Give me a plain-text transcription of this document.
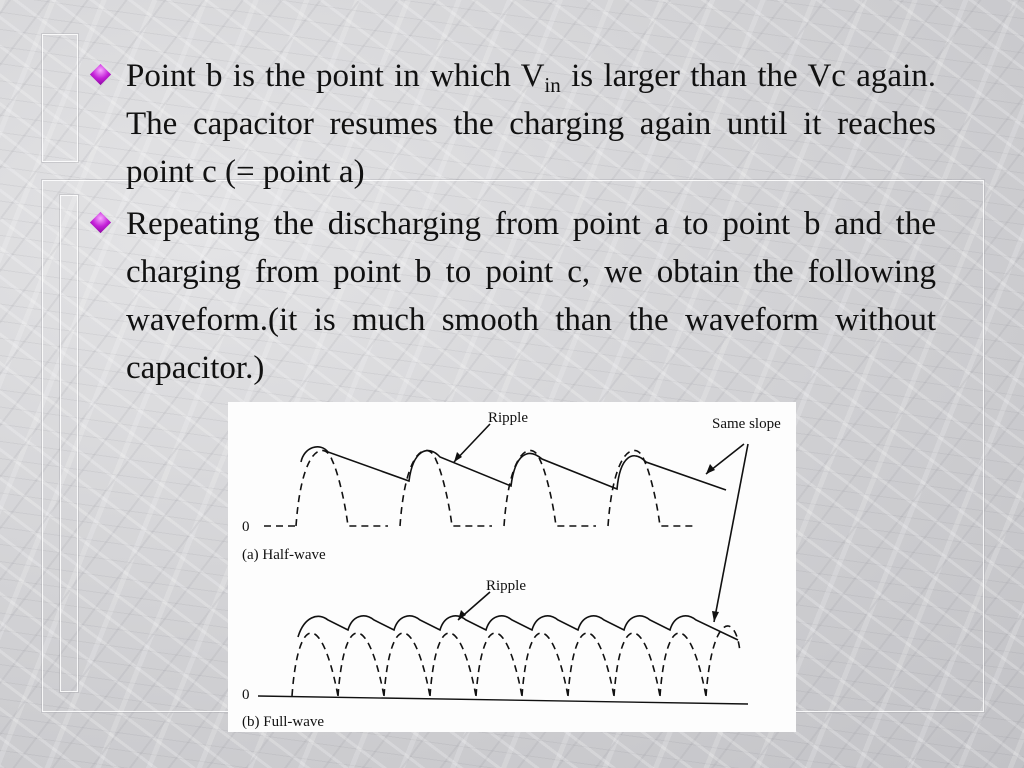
Point b is the point in which $V_{in}$ is larger than the Vc again. The capacitor resumes the charging again until it reaches point c (= point a)
Repeating the discharging from point a to point b and the charging from point b to point c, we obtain the following waveform.(it is much smooth than the waveform without capacitor.)
0
(a) Half-wave
Ripple	Same slope
0
(b) Full-wave
Ripple
